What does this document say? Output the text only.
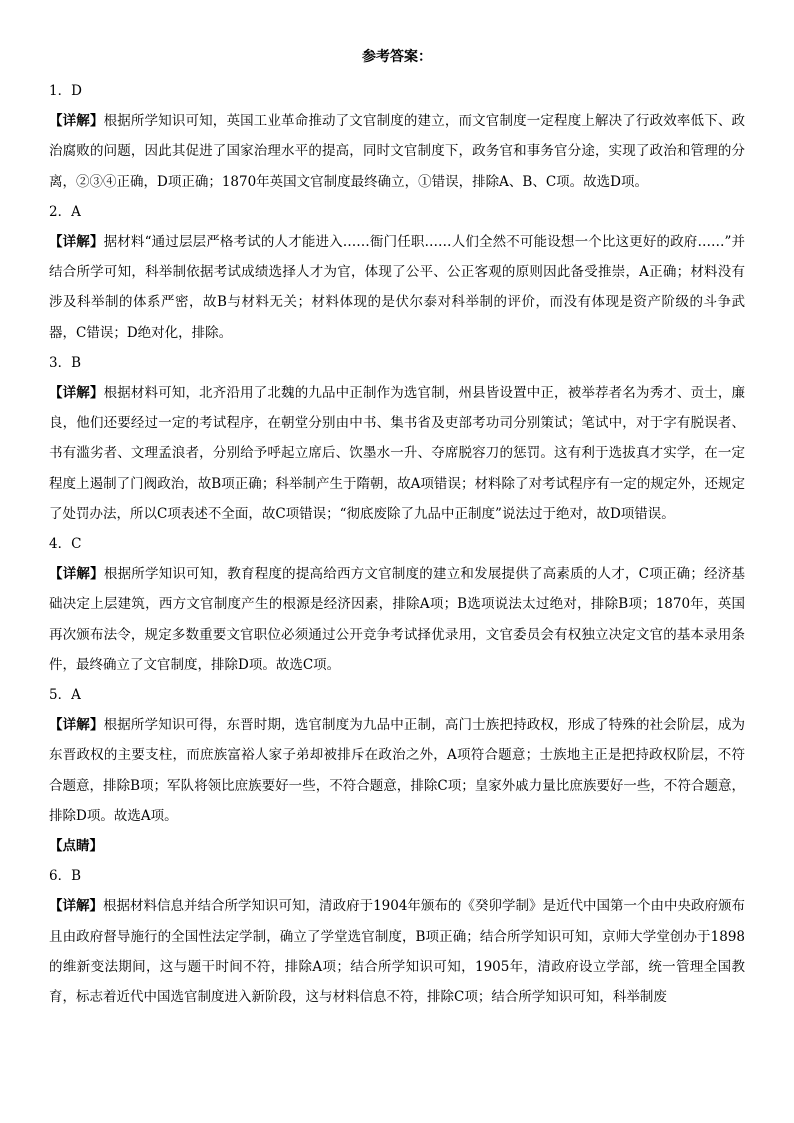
参考答案：
1．D

【详解】根据所学知识可知，英国工业革命推动了文官制度的建立，而文官制度一定程度上解决了行政效率低下、政治腐败的问题，因此其促进了国家治理水平的提高，同时文官制度下，政务官和事务官分途，实现了政治和管理的分离，②③④正确，D项正确；1870年英国文官制度最终确立，①错误，排除A、B、C项。故选D项。

2．A

【详解】据材料“通过层层严格考试的人才能进入……衙门任职……人们全然不可能设想一个比这更好的政府……”并结合所学可知，科举制依据考试成绩选择人才为官，体现了公平、公正客观的原则因此备受推崇，A正确；材料没有涉及科举制的体系严密，故B与材料无关；材料体现的是伏尔泰对科举制的评价，而没有体现是资产阶级的斗争武器，C错误；D绝对化，排除。

3．B

【详解】根据材料可知，北齐沿用了北魏的九品中正制作为选官制，州县皆设置中正，被举荐者名为秀才、贡士，廉良，他们还要经过一定的考试程序，在朝堂分别由中书、集书省及吏部考功司分别策试；笔试中，对于字有脱误者、书有滥劣者、文理孟浪者，分别给予呼起立席后、饮墨水一升、夺席脱容刀的惩罚。这有利于选拔真才实学，在一定程度上遏制了门阀政治，故B项正确；科举制产生于隋朝，故A项错误；材料除了对考试程序有一定的规定外，还规定了处罚办法，所以C项表述不全面，故C项错误；“彻底废除了九品中正制度”说法过于绝对，故D项错误。

4．C

【详解】根据所学知识可知，教育程度的提高给西方文官制度的建立和发展提供了高素质的人才，C项正确；经济基础决定上层建筑，西方文官制度产生的根源是经济因素，排除A项；B选项说法太过绝对，排除B项；1870年，英国再次颁布法令，规定多数重要文官职位必须通过公开竞争考试择优录用，文官委员会有权独立决定文官的基本录用条件，最终确立了文官制度，排除D项。故选C项。

5．A

【详解】根据所学知识可得，东晋时期，选官制度为九品中正制，高门士族把持政权，形成了特殊的社会阶层，成为东晋政权的主要支柱，而庶族富裕人家子弟却被排斥在政治之外，A项符合题意；士族地主正是把持政权阶层，不符合题意，排除B项；军队将领比庶族要好一些，不符合题意，排除C项；皇家外戚力量比庶族要好一些，不符合题意，排除D项。故选A项。

【点睛】

6．B

【详解】根据材料信息并结合所学知识可知，清政府于1904年颁布的《癸卯学制》是近代中国第一个由中央政府颁布且由政府督导施行的全国性法定学制，确立了学堂选官制度，B项正确；结合所学知识可知，京师大学堂创办于1898的维新变法期间，这与题干时间不符，排除A项；结合所学知识可知，1905年，清政府设立学部，统一管理全国教育，标志着近代中国选官制度进入新阶段，这与材料信息不符，排除C项；结合所学知识可知，科举制废
